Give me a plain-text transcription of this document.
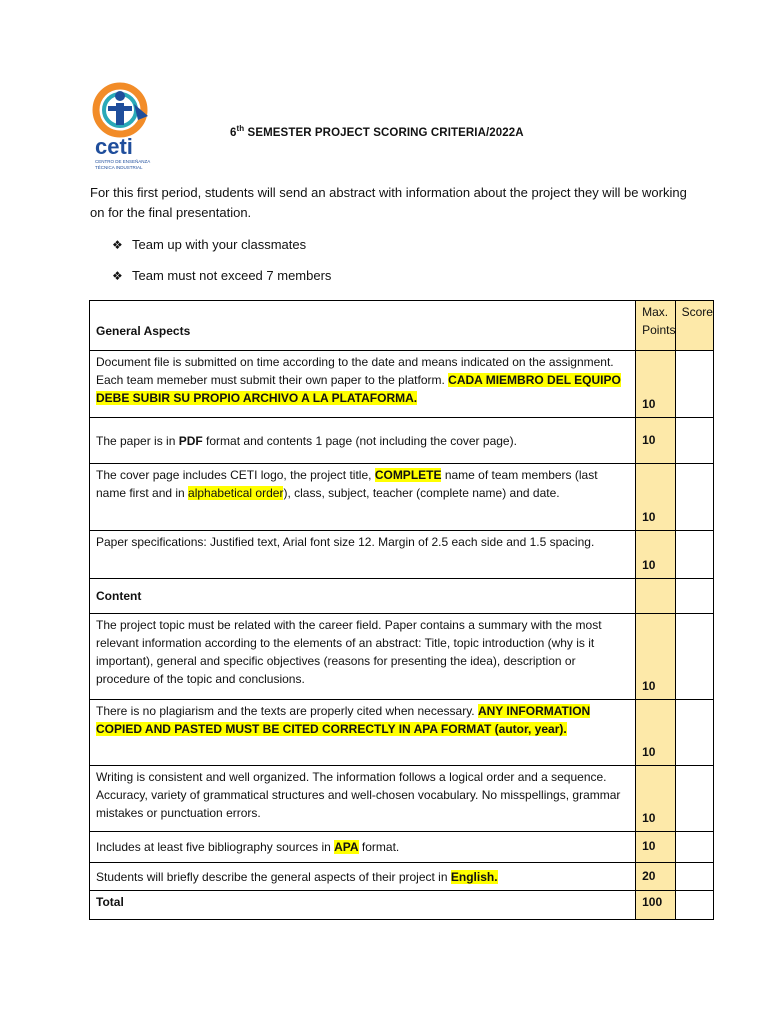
ceti
CENTRO DE ENSEÑANZA
TÉCNICA INDUSTRIAL
6th SEMESTER PROJECT SCORING CRITERIA/2022A
For this first period, students will send an abstract with information about the project they will be working on for the final presentation.
❖ Team up with your classmates
❖ Team must not exceed 7 members
General Aspects	Max. Points	Score
Document file is submitted on time according to the date and means indicated on the assignment. Each team memeber must submit their own paper to the platform. CADA MIEMBRO DEL EQUIPO DEBE SUBIR SU PROPIO ARCHIVO A LA PLATAFORMA.	10	
The paper is in PDF format and contents 1 page (not including the cover page).	10	
The cover page includes CETI logo, the project title, COMPLETE name of team members (last name first and in alphabetical order), class, subject, teacher (complete name) and date.	10	
Paper specifications: Justified text, Arial font size 12. Margin of 2.5 each side and 1.5 spacing.	10	
Content		
The project topic must be related with the career field. Paper contains a summary with the most relevant information according to the elements of an abstract: Title, topic introduction (why is it important), general and specific objectives (reasons for presenting the idea), description or procedure of the topic and conclusions.	10	
There is no plagiarism and the texts are properly cited when necessary. ANY INFORMATION COPIED AND PASTED MUST BE CITED CORRECTLY IN APA FORMAT (autor, year).	10	
Writing is consistent and well organized. The information follows a logical order and a sequence. Accuracy, variety of grammatical structures and well-chosen vocabulary. No misspellings, grammar mistakes or punctuation errors.	10	
Includes at least five bibliography sources in APA format.	10	
Students will briefly describe the general aspects of their project in English.	20	
Total	100	
